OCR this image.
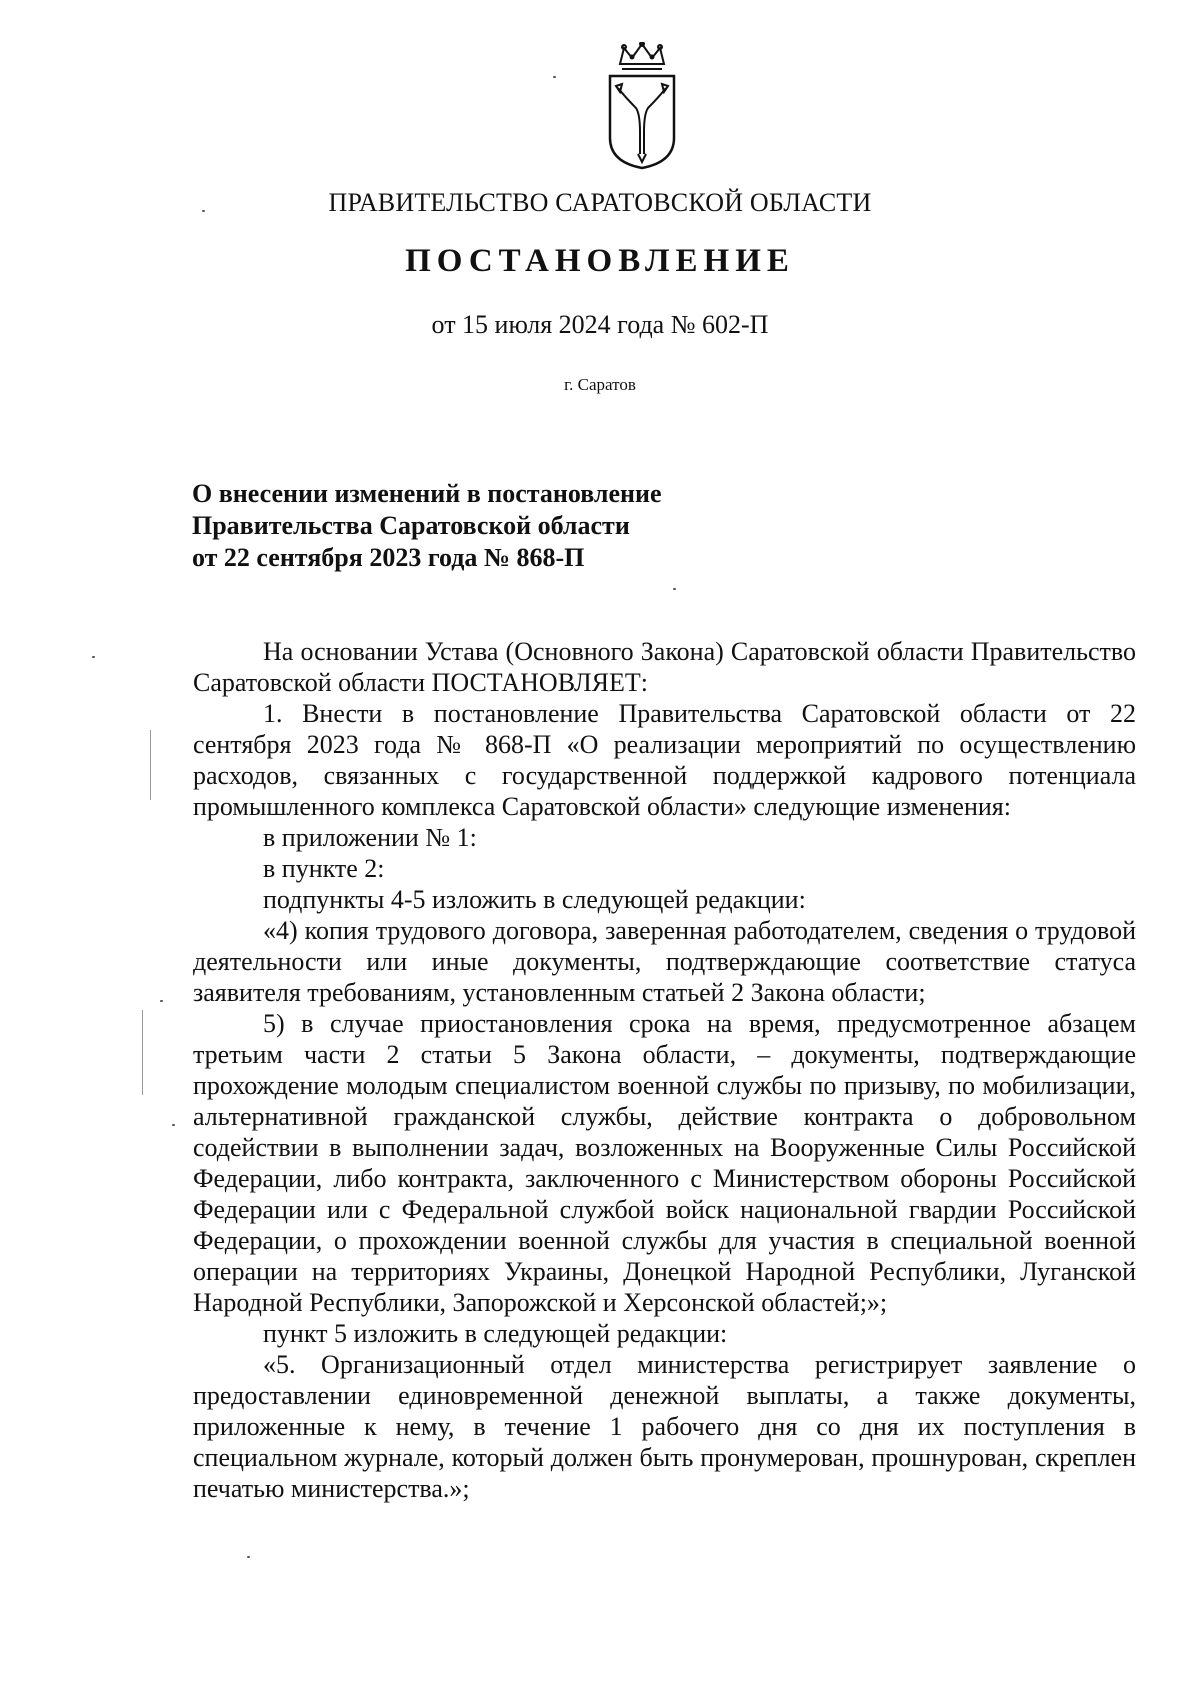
ПРАВИТЕЛЬСТВО САРАТОВСКОЙ ОБЛАСТИ
ПОСТАНОВЛЕНИЕ
от 15 июля 2024 года № 602-П
г. Саратов
О внесении изменений в постановление
Правительства Саратовской области
от 22 сентября 2023 года № 868-П

На основании Устава (Основного Закона) Саратовской области Правительство Саратовской области ПОСТАНОВЛЯЕТ:

1. Внести в постановление Правительства Саратовской области от 22 сентября 2023 года № 868-П «О реализации мероприятий по осуществлению расходов, связанных с государственной поддержкой кадрового потенциала промышленного комплекса Саратовской области» следующие изменения:

в приложении № 1:

в пункте 2:

подпункты 4-5 изложить в следующей редакции:

«4) копия трудового договора, заверенная работодателем, сведения о трудовой деятельности или иные документы, подтверждающие соответствие статуса заявителя требованиям, установленным статьей 2 Закона области;

5) в случае приостановления срока на время, предусмотренное абзацем третьим части 2 статьи 5 Закона области, – документы, подтверждающие прохождение молодым специалистом военной службы по призыву, по мобилизации, альтернативной гражданской службы, действие контракта о добровольном содействии в выполнении задач, возложенных на Вооруженные Силы Российской Федерации, либо контракта, заключенного с Министерством обороны Российской Федерации или с Федеральной службой войск национальной гвардии Российской Федерации, о прохождении военной службы для участия в специальной военной операции на территориях Украины, Донецкой Народной Республики, Луганской Народной Республики, Запорожской и Херсонской областей;»;

пункт 5 изложить в следующей редакции:

«5. Организационный отдел министерства регистрирует заявление о предоставлении единовременной денежной выплаты, а также документы, приложенные к нему, в течение 1 рабочего дня со дня их поступления в специальном журнале, который должен быть пронумерован, прошнурован, скреплен печатью министерства.»;
